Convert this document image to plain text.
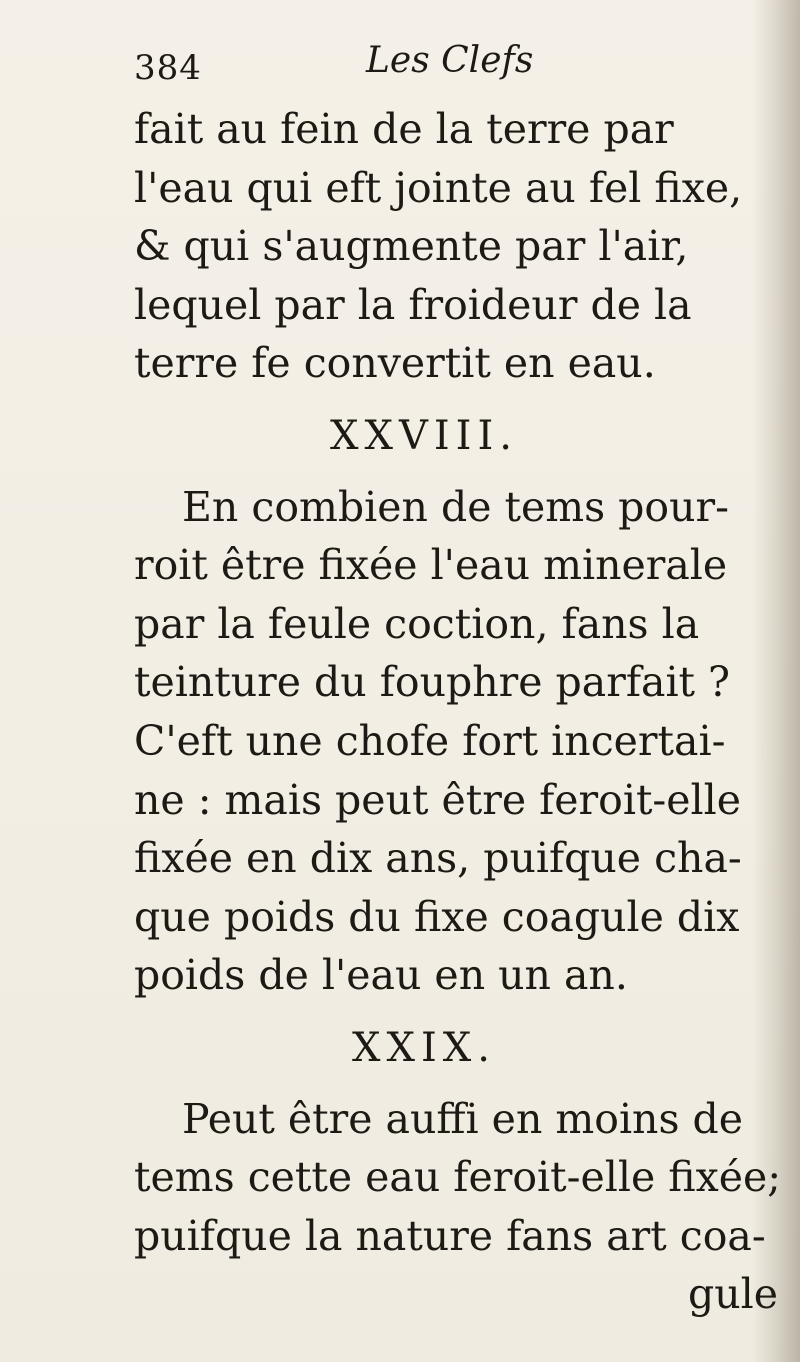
384	Les Clefs
fait au fein de la terre par
l'eau qui eft jointe au fel fixe,
& qui s'augmente par l'air,
lequel par la froideur de la
terre fe convertit en eau.
XXVIII.
En combien de tems pour-
roit être fixée l'eau minerale
par la feule coction, fans la
teinture du fouphre parfait ?
C'eft une chofe fort incertai-
ne : mais peut être feroit-elle
fixée en dix ans, puifque cha-
que poids du fixe coagule dix
poids de l'eau en un an.
XXIX.
Peut être auffi en moins de
tems cette eau feroit-elle fixée;
puifque la nature fans art coa-
gule
